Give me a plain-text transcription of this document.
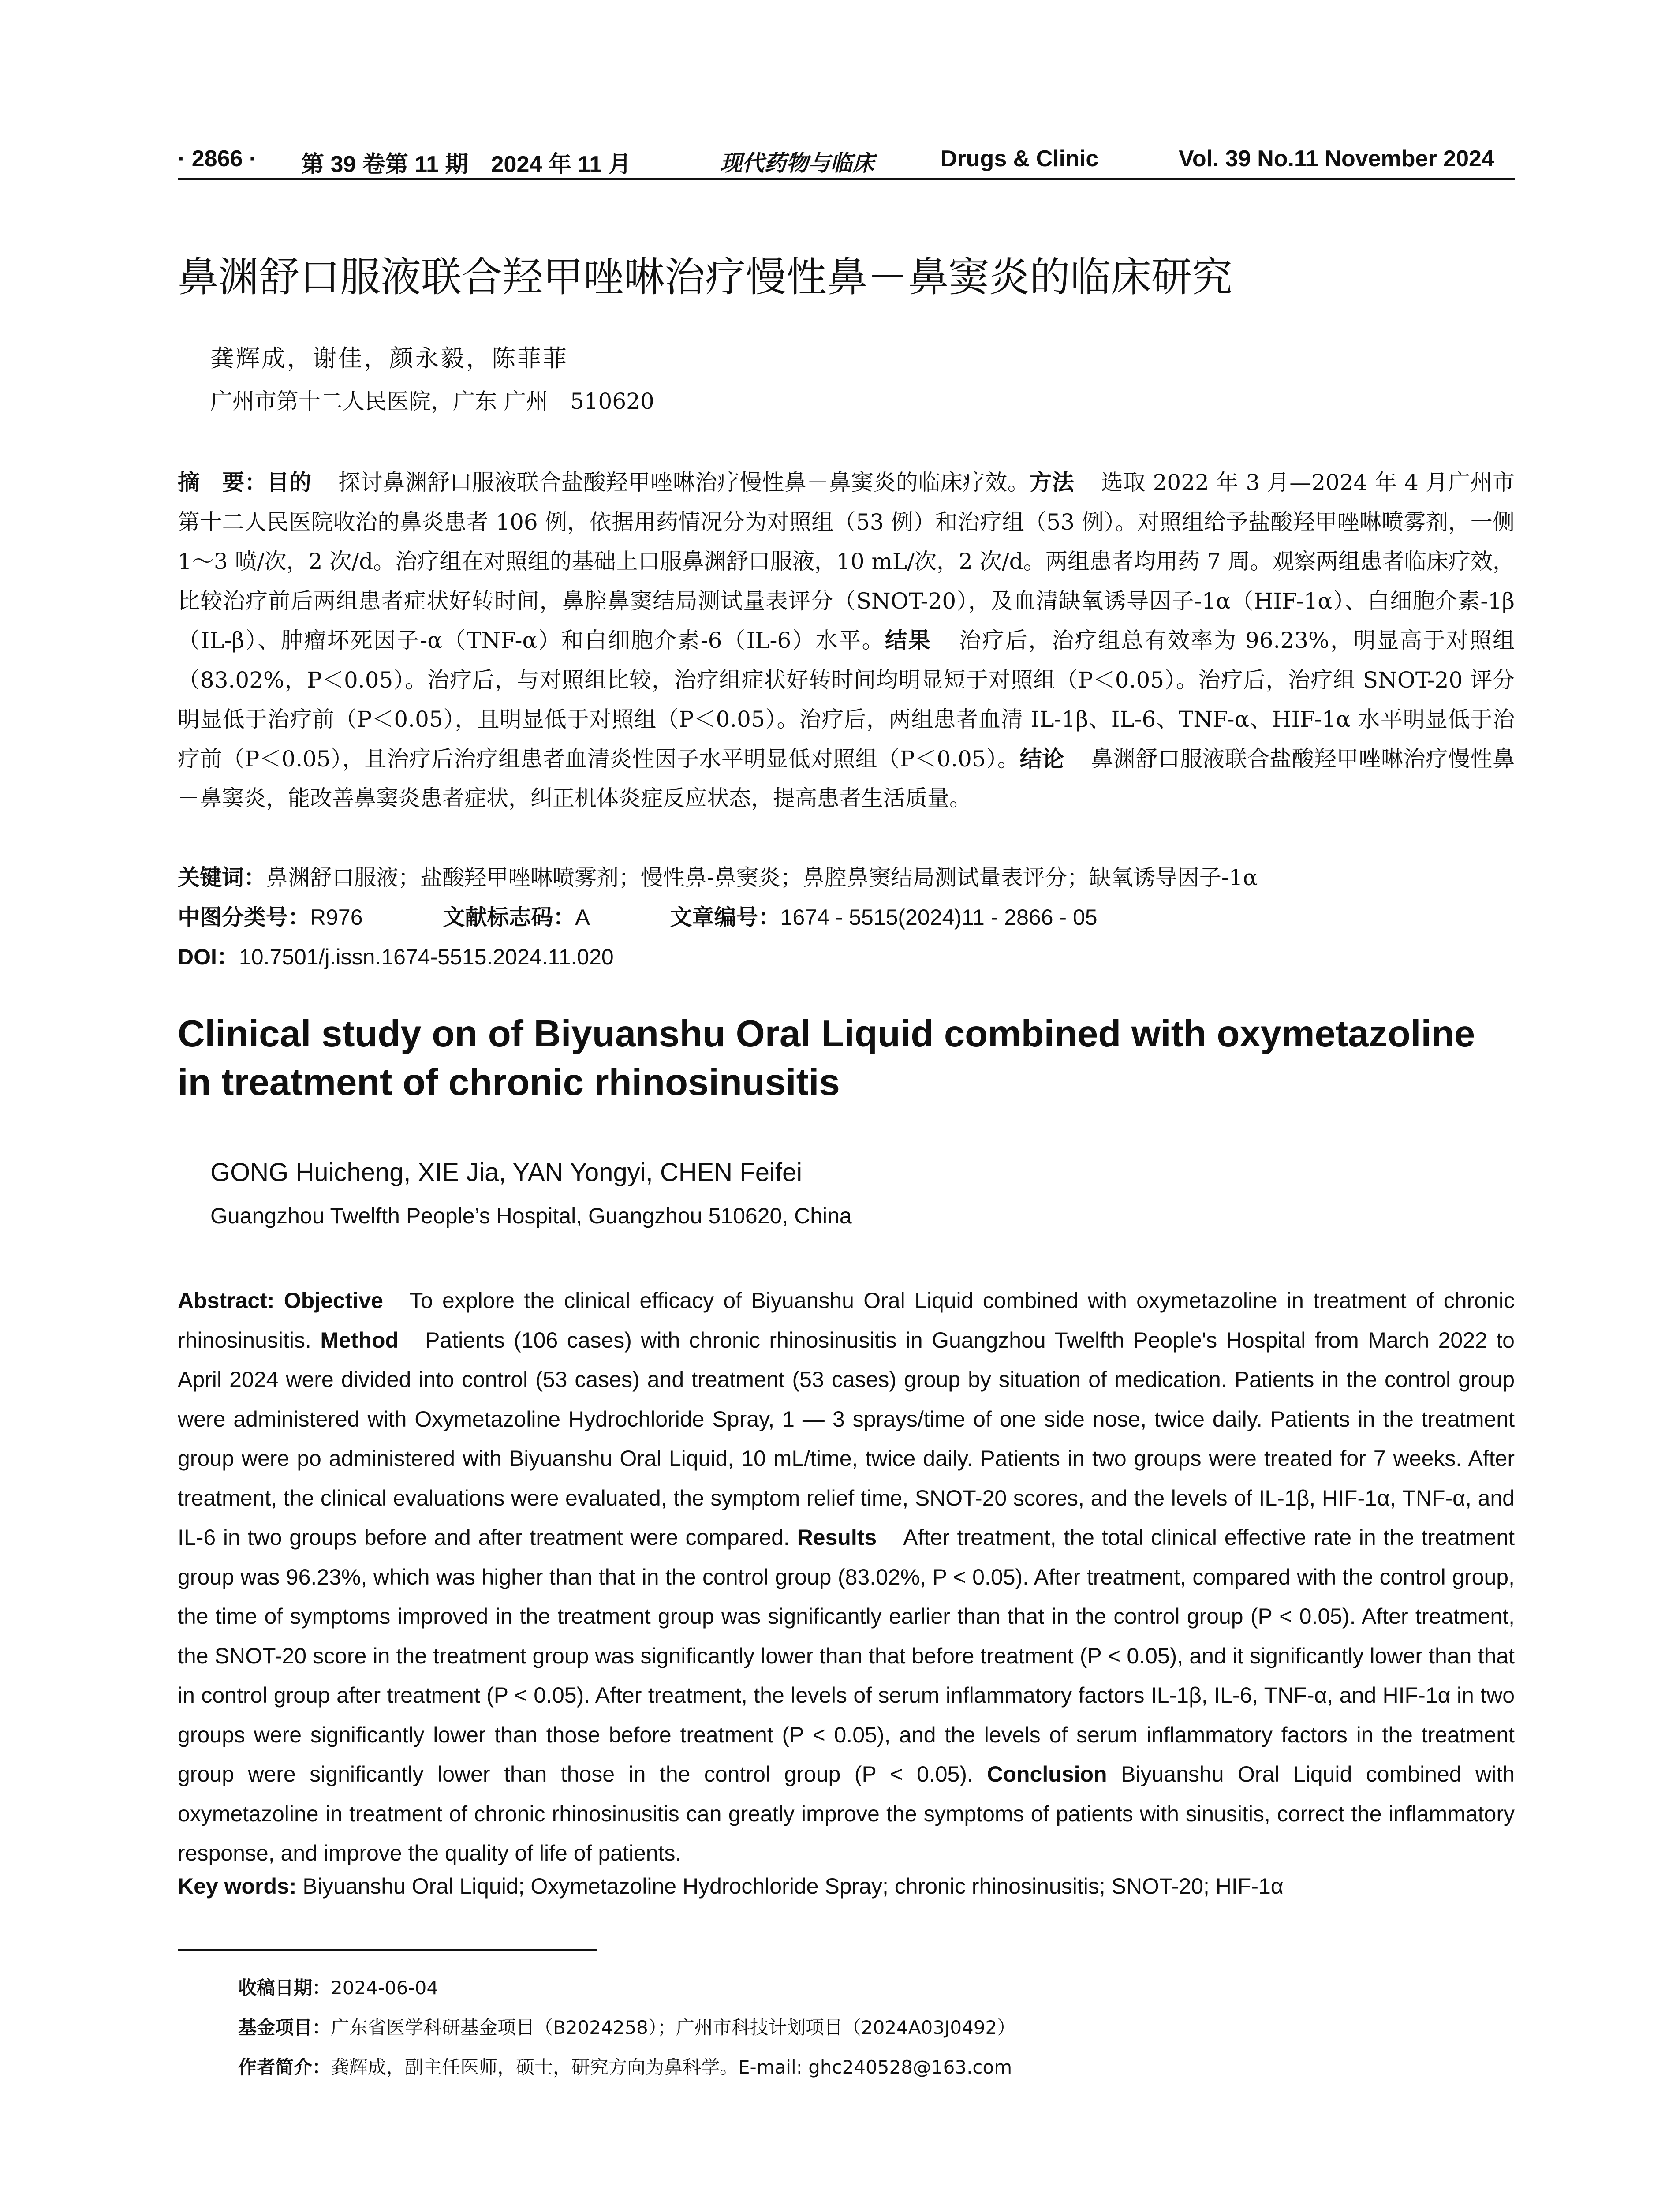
· 2866 · 第 39 卷第 11 期　2024 年 11 月	现代药物与临床	Drugs & Clinic	Vol. 39 No.11 November 2024
鼻渊舒口服液联合羟甲唑啉治疗慢性鼻－鼻窦炎的临床研究
龚辉成，谢佳，颜永毅，陈菲菲
广州市第十二人民医院，广东 广州　510620
摘　要：目的 探讨鼻渊舒口服液联合盐酸羟甲唑啉治疗慢性鼻－鼻窦炎的临床疗效。方法 选取 2022 年 3 月—2024 年 4 月广州市第十二人民医院收治的鼻炎患者 106 例，依据用药情况分为对照组（53 例）和治疗组（53 例）。对照组给予盐酸羟甲唑啉喷雾剂，一侧 1～3 喷/次，2 次/d。治疗组在对照组的基础上口服鼻渊舒口服液，10 mL/次，2 次/d。两组患者均用药 7 周。观察两组患者临床疗效，比较治疗前后两组患者症状好转时间，鼻腔鼻窦结局测试量表评分（SNOT-20），及血清缺氧诱导因子-1α（HIF-1α）、白细胞介素-1β（IL-β）、肿瘤坏死因子-α（TNF-α）和白细胞介素-6（IL-6）水平。结果 治疗后，治疗组总有效率为 96.23%，明显高于对照组（83.02%，P＜0.05）。治疗后，与对照组比较，治疗组症状好转时间均明显短于对照组（P＜0.05）。治疗后，治疗组 SNOT-20 评分明显低于治疗前（P＜0.05），且明显低于对照组（P＜0.05）。治疗后，两组患者血清 IL-1β、IL-6、TNF-α、HIF-1α 水平明显低于治疗前（P＜0.05），且治疗后治疗组患者血清炎性因子水平明显低对照组（P＜0.05）。结论 鼻渊舒口服液联合盐酸羟甲唑啉治疗慢性鼻－鼻窦炎，能改善鼻窦炎患者症状，纠正机体炎症反应状态，提高患者生活质量。
关键词：鼻渊舒口服液；盐酸羟甲唑啉喷雾剂；慢性鼻-鼻窦炎；鼻腔鼻窦结局测试量表评分；缺氧诱导因子-1α
中图分类号：R976	文献标志码：A	文章编号：1674 - 5515(2024)11 - 2866 - 05
DOI：10.7501/j.issn.1674-5515.2024.11.020
Clinical study on of Biyuanshu Oral Liquid combined with oxymetazoline in treatment of chronic rhinosinusitis
GONG Huicheng, XIE Jia, YAN Yongyi, CHEN Feifei
Guangzhou Twelfth People’s Hospital, Guangzhou 510620, China
Abstract: Objective To explore the clinical efficacy of Biyuanshu Oral Liquid combined with oxymetazoline in treatment of chronic rhinosinusitis. Method Patients (106 cases) with chronic rhinosinusitis in Guangzhou Twelfth People's Hospital from March 2022 to April 2024 were divided into control (53 cases) and treatment (53 cases) group by situation of medication. Patients in the control group were administered with Oxymetazoline Hydrochloride Spray, 1 — 3 sprays/time of one side nose, twice daily. Patients in the treatment group were po administered with Biyuanshu Oral Liquid, 10 mL/time, twice daily. Patients in two groups were treated for 7 weeks. After treatment, the clinical evaluations were evaluated, the symptom relief time, SNOT-20 scores, and the levels of IL-1β, HIF-1α, TNF-α, and IL-6 in two groups before and after treatment were compared. Results After treatment, the total clinical effective rate in the treatment group was 96.23%, which was higher than that in the control group (83.02%, P < 0.05). After treatment, compared with the control group, the time of symptoms improved in the treatment group was significantly earlier than that in the control group (P < 0.05). After treatment, the SNOT-20 score in the treatment group was significantly lower than that before treatment (P < 0.05), and it significantly lower than that in control group after treatment (P < 0.05). After treatment, the levels of serum inflammatory factors IL-1β, IL-6, TNF-α, and HIF-1α in two groups were significantly lower than those before treatment (P < 0.05), and the levels of serum inflammatory factors in the treatment group were significantly lower than those in the control group (P < 0.05). Conclusion Biyuanshu Oral Liquid combined with oxymetazoline in treatment of chronic rhinosinusitis can greatly improve the symptoms of patients with sinusitis, correct the inflammatory response, and improve the quality of life of patients.
Key words: Biyuanshu Oral Liquid; Oxymetazoline Hydrochloride Spray; chronic rhinosinusitis; SNOT-20; HIF-1α
收稿日期：2024-06-04
基金项目：广东省医学科研基金项目（B2024258）；广州市科技计划项目（2024A03J0492）
作者简介：龚辉成，副主任医师，硕士，研究方向为鼻科学。E-mail: ghc240528@163.com
